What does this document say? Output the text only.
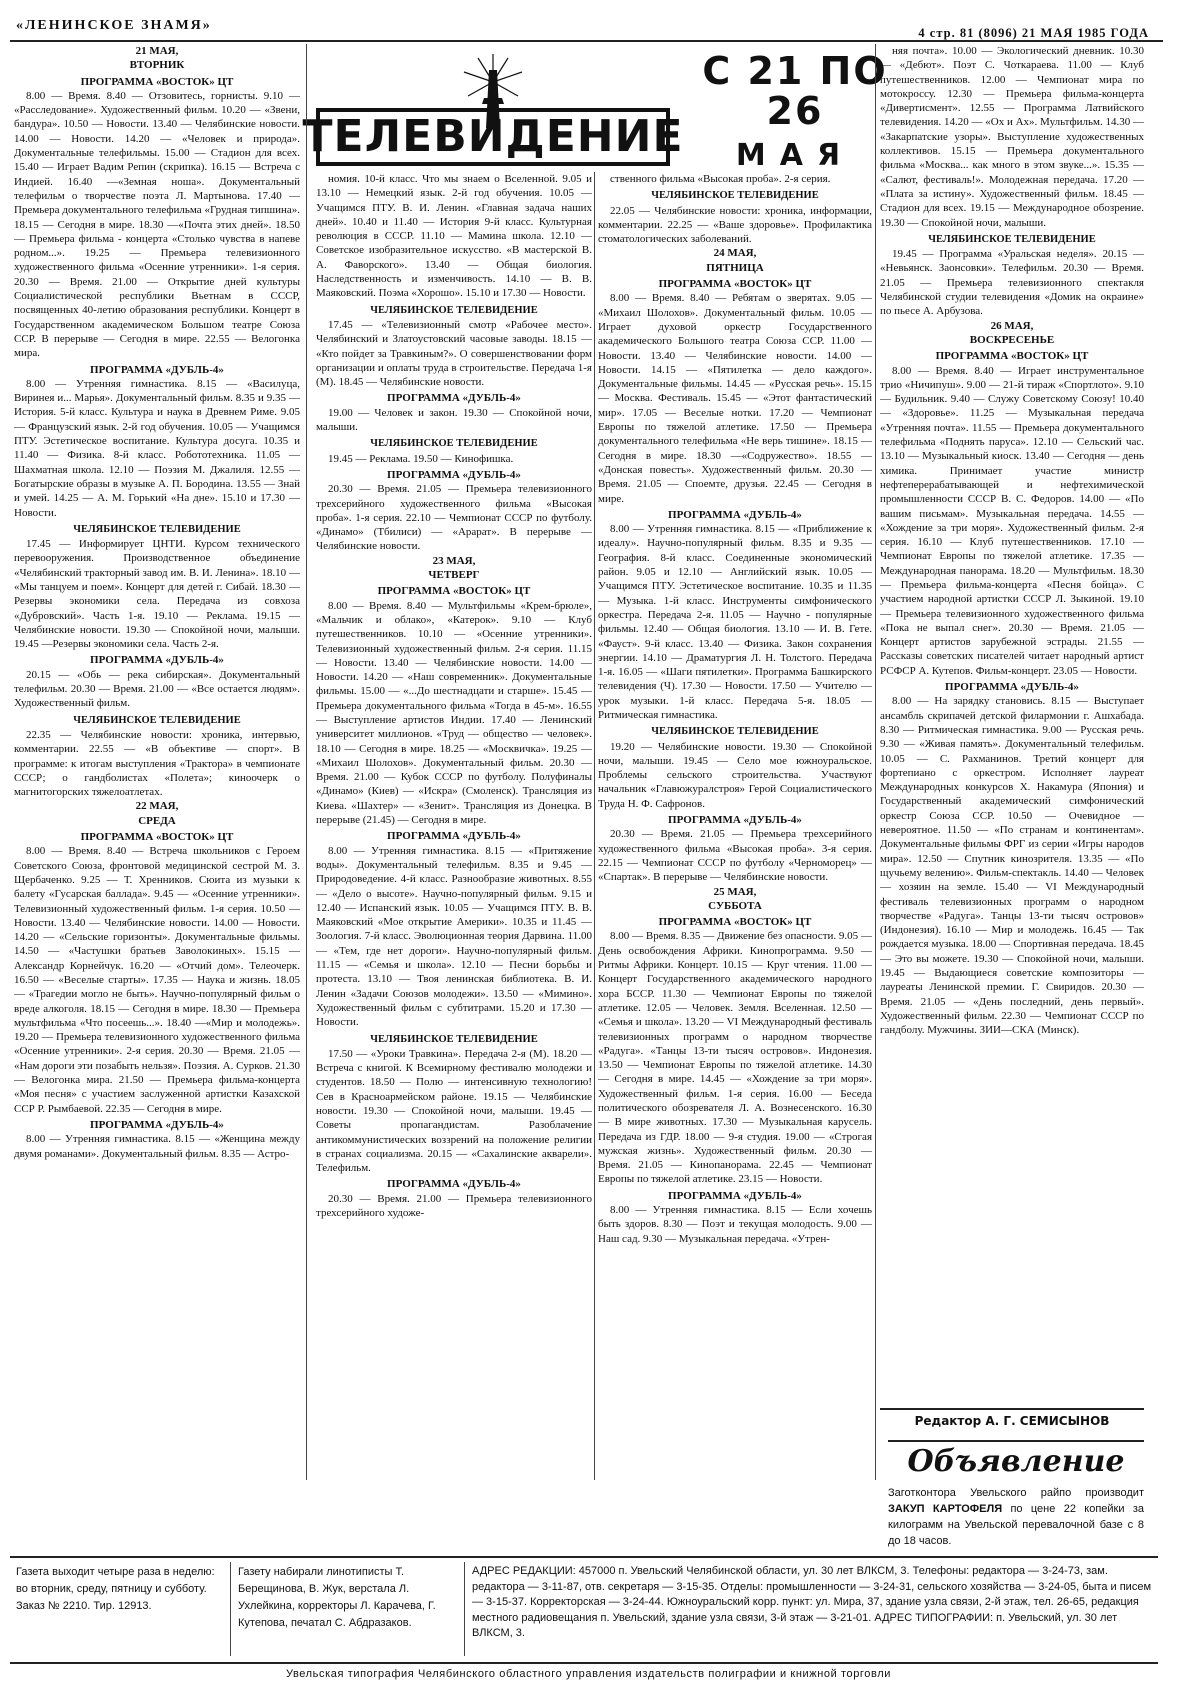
«ЛЕНИНСКОЕ ЗНАМЯ»	4 стр. 81 (8096) 21 МАЯ 1985 ГОДА
ТЕЛЕВИДЕНИЕ
С 21 ПО 26
МАЯ

21 МАЯ,

ВТОРНИК

ПРОГРАММА «ВОСТОК» ЦТ

8.00 — Время. 8.40 — Отзовитесь, горнисты. 9.10 — «Расследование». Художественный фильм. 10.20 — «Звени, бандура». 10.50 — Новости. 13.40 — Челябинские новости. 14.00 — Новости. 14.20 — «Человек и природа». Документальные телефильмы. 15.00 — Стадион для всех. 15.40 — Играет Вадим Репин (скрипка). 16.15 — Встреча с Индией. 16.40 —«Земная ноша». Документальный телефильм о творчестве поэта Л. Мартынова. 17.40 — Премьера документального телефильма «Грудная типшина». 18.15 — Сегодня в мире. 18.30 —«Почта этих дней». 18.50 — Премьера фильма - концерта «Столько чувства в напеве родном...». 19.25 — Премьера телевизионного художественного фильма «Осенние утренники». 1-я серия. 20.30 — Время. 21.00 — Открытие дней культуры Социалистической республики Вьетнам в СССР, посвященных 40-летию образования республики. Концерт в Государственном академическом Большом театре Союза ССР. В перерыве — Сегодня в мире. 22.55 — Велогонка мира.

ПРОГРАММА «ДУБЛЬ-4»

8.00 — Утренняя гимнастика. 8.15 — «Василуца, Виринея и... Марья». Документальный фильм. 8.35 и 9.35 — История. 5-й класс. Культура и наука в Древнем Риме. 9.05 — Французский язык. 2-й год обучения. 10.05 — Учащимся ПТУ. Эстетическое воспитание. Культура досуга. 10.35 и 11.40 — Физика. 8-й класс. Робототехника. 11.05 — Шахматная школа. 12.10 — Поэзия М. Джалиля. 12.55 — Богатырские образы в музыке А. П. Бородина. 13.55 — Знай и умей. 14.25 — А. М. Горький «На дне». 15.10 и 17.30 — Новости.

ЧЕЛЯБИНСКОЕ ТЕЛЕВИДЕНИЕ

17.45 — Информирует ЦНТИ. Курсом технического перевооружения. Производственное объединение «Челябинский тракторный завод им. В. И. Ленина». 18.10 — «Мы танцуем и поем». Концерт для детей г. Сибай. 18.30 — Резервы экономики села. Передача из совхоза «Дубровский». Часть 1-я. 19.10 — Реклама. 19.15 — Челябинские новости. 19.30 — Спокойной ночи, малыши. 19.45 —Резервы экономики села. Часть 2-я.

ПРОГРАММА «ДУБЛЬ-4»

20.15 — «Обь — река сибирская». Документальный телефильм. 20.30 — Время. 21.00 — «Все остается людям». Художественный фильм.

ЧЕЛЯБИНСКОЕ ТЕЛЕВИДЕНИЕ

22.35 — Челябинские новости: хроника, интервью, комментарии. 22.55 — «В объективе — спорт». В программе: к итогам выступления «Трактора» в чемпионате СССР; о гандболистах «Полета»; киноочерк о магнитогорских тяжелоатлетах.

22 МАЯ,

СРЕДА

ПРОГРАММА «ВОСТОК» ЦТ

8.00 — Время. 8.40 — Встреча школьников с Героем Советского Союза, фронтовой медицинской сестрой М. З. Щербаченко. 9.25 — Т. Хренников. Сюита из музыки к балету «Гусарская баллада». 9.45 — «Осенние утренники». Телевизионный художественный фильм. 1-я серия. 10.50 — Новости. 13.40 — Челябинские новости. 14.00 — Новости. 14.20 — «Сельские горизонты». Документальные фильмы. 14.50 — «Частушки братьев Заволокиных». 15.15 — Александр Корнейчук. 16.20 — «Отчий дом». Телеочерк. 16.50 — «Веселые старты». 17.35 — Наука и жизнь. 18.05 — «Трагедии могло не быть». Научно-популярный фильм о вреде алкоголя. 18.15 — Сегодня в мире. 18.30 — Премьера мультфильма «Что посеешь...». 18.40 —«Мир и молодежь». 19.20 — Премьера телевизионного художественного фильма «Осенние утренники». 2-я серия. 20.30 — Время. 21.05 — «Нам дороги эти позабыть нельзя». Поэзия. А. Сурков. 21.30 — Велогонка мира. 21.50 — Премьера фильма-концерта «Моя песня» с участием заслуженной артистки Казахской ССР Р. Рымбаевой. 22.35 — Сегодня в мире.

ПРОГРАММА «ДУБЛЬ-4»

8.00 — Утренняя гимнастика. 8.15 — «Женщина между двумя романами». Документальный фильм. 8.35 — Астро-

номия. 10-й класс. Что мы знаем о Вселенной. 9.05 и 13.10 — Немецкий язык. 2-й год обучения. 10.05 — Учащимся ПТУ. В. И. Ленин. «Главная задача наших дней». 10.40 и 11.40 — История 9-й класс. Культурная революция в СССР. 11.10 — Мамина школа. 12.10 — Советское изобразительное искусство. «В мастерской В. А. Фаворского». 13.40 — Общая биология. Наследственность и изменчивость. 14.10 — В. В. Маяковский. Поэма «Хорошо». 15.10 и 17.30 — Новости.

ЧЕЛЯБИНСКОЕ ТЕЛЕВИДЕНИЕ

17.45 — «Телевизионный смотр «Рабочее место». Челябинский и Златоустовский часовые заводы. 18.15 — «Кто пойдет за Травкиным?». О совершенствовании форм организации и оплаты труда в строительстве. Передача 1-я (М). 18.45 — Челябинские новости.

ПРОГРАММА «ДУБЛЬ-4»

19.00 — Человек и закон. 19.30 — Спокойной ночи, малыши.

ЧЕЛЯБИНСКОЕ ТЕЛЕВИДЕНИЕ

19.45 — Реклама. 19.50 — Кинофишка.

ПРОГРАММА «ДУБЛЬ-4»

20.30 — Время. 21.05 — Премьера телевизионного трехсерийного художественного фильма «Высокая проба». 1-я серия. 22.10 — Чемпионат СССР по футболу. «Динамо» (Тбилиси) — «Арарат». В перерыве — Челябинские новости.

23 МАЯ,

ЧЕТВЕРГ

ПРОГРАММА «ВОСТОК» ЦТ

8.00 — Время. 8.40 — Мультфильмы «Крем-брюле», «Мальчик и облако», «Катерок». 9.10 — Клуб путешественников. 10.10 — «Осенние утренники». Телевизионный художественный фильм. 2-я серия. 11.15 — Новости. 13.40 — Челябинские новости. 14.00 — Новости. 14.20 — «Наш современник». Документальные фильмы. 15.00 — «...До шестнадцати и старше». 15.45 — Премьера документального фильма «Тогда в 45-м». 16.55 — Выступление артистов Индии. 17.40 — Ленинский университет миллионов. «Труд — общество — человек». 18.10 — Сегодня в мире. 18.25 — «Москвичка». 19.25 — «Михаил Шолохов». Документальный фильм. 20.30 — Время. 21.00 — Кубок СССР по футболу. Полуфиналы «Динамо» (Киев) — «Искра» (Смоленск). Трансляция из Киева. «Шахтер» — «Зенит». Трансляция из Донецка. В перерыве (21.45) — Сегодня в мире.

ПРОГРАММА «ДУБЛЬ-4»

8.00 — Утренняя гимнастика. 8.15 — «Притяжение воды». Документальный телефильм. 8.35 и 9.45 — Природоведение. 4-й класс. Разнообразие животных. 8.55 — «Дело о высоте». Научно-популярный фильм. 9.15 и 12.40 — Испанский язык. 10.05 — Учащимся ПТУ. В. В. Маяковский «Мое открытие Америки». 10.35 и 11.45 — Зоология. 7-й класс. Эволюционная теория Дарвина. 11.00 — «Тем, где нет дороги». Научно-популярный фильм. 11.15 — «Семья и школа». 12.10 — Песни борьбы и протеста. 13.10 — Твоя ленинская библиотека. В. И. Ленин «Задачи Союзов молодежи». 13.50 — «Мимино». Художественный фильм с субтитрами. 15.20 и 17.30 — Новости.

ЧЕЛЯБИНСКОЕ ТЕЛЕВИДЕНИЕ

17.50 — «Уроки Травкина». Передача 2-я (М). 18.20 — Встреча с книгой. К Всемирному фестивалю молодежи и студентов. 18.50 — Полю — интенсивную технологию! Сев в Красноармейском районе. 19.15 — Челябинские новости. 19.30 — Спокойной ночи, малыши. 19.45 — Советы пропагандистам. Разоблачение антикоммунистических воззрений на положение религии в странах социализма. 20.15 — «Сахалинские акварели». Телефильм.

ПРОГРАММА «ДУБЛЬ-4»

20.30 — Время. 21.00 — Премьера телевизионного трехсерийного художе-

ственного фильма «Высокая проба». 2-я серия.

ЧЕЛЯБИНСКОЕ ТЕЛЕВИДЕНИЕ

22.05 — Челябинские новости: хроника, информации, комментарии. 22.25 — «Ваше здоровье». Профилактика стоматологических заболеваний.

24 МАЯ,

ПЯТНИЦА

ПРОГРАММА «ВОСТОК» ЦТ

8.00 — Время. 8.40 — Ребятам о зверятах. 9.05 — «Михаил Шолохов». Документальный фильм. 10.05 — Играет духовой оркестр Государственного академического Большого театра Союза ССР. 11.00 — Новости. 13.40 — Челябинские новости. 14.00 — Новости. 14.15 — «Пятилетка — дело каждого». Документальные фильмы. 14.45 — «Русская речь». 15.15 — Москва. Фестиваль. 15.45 — «Этот фантастический мир». 17.05 — Веселые нотки. 17.20 — Чемпионат Европы по тяжелой атлетике. 17.50 — Премьера документального телефильма «Не верь тишине». 18.15 — Сегодня в мире. 18.30 —«Содружество». 18.55 — «Донская повесть». Художественный фильм. 20.30 — Время. 21.05 — Споемте, друзья. 22.45 — Сегодня в мире.

ПРОГРАММА «ДУБЛЬ-4»

8.00 — Утренняя гимнастика. 8.15 — «Приближение к идеалу». Научно-популярный фильм. 8.35 и 9.35 — География. 8-й класс. Соединенные экономический район. 9.05 и 12.10 — Английский язык. 10.05 — Учащимся ПТУ. Эстетическое воспитание. 10.35 и 11.35 — Музыка. 1-й класс. Инструменты симфонического оркестра. Передача 2-я. 11.05 — Научно - популярные фильмы. 12.40 — Общая биология. 13.10 — И. В. Гете. «Фауст». 9-й класс. 13.40 — Физика. Закон сохранения энергии. 14.10 — Драматургия Л. Н. Толстого. Передача 1-я. 16.05 — «Шаги пятилетки». Программа Башкирского телевидения (Ч). 17.30 — Новости. 17.50 — Учителю — урок музыки. 1-й класс. Передача 5-я. 18.05 — Ритмическая гимнастика.

ЧЕЛЯБИНСКОЕ ТЕЛЕВИДЕНИЕ

19.20 — Челябинские новости. 19.30 — Спокойной ночи, малыши. 19.45 — Село мое южноуральское. Проблемы сельского строительства. Участвуют начальник «Главюжуралстроя» Герой Социалистического Труда Н. Ф. Сафронов.

ПРОГРАММА «ДУБЛЬ-4»

20.30 — Время. 21.05 — Премьера трехсерийного художественного фильма «Высокая проба». 3-я серия. 22.15 — Чемпионат СССР по футболу «Черноморец» — «Спартак». В перерыве — Челябинские новости.

25 МАЯ,

СУББОТА

ПРОГРАММА «ВОСТОК» ЦТ

8.00 — Время. 8.35 — Движение без опасности. 9.05 — День освобождения Африки. Кинопрограмма. 9.50 — Ритмы Африки. Концерт. 10.15 — Круг чтения. 11.00 — Концерт Государственного академического народного хора БССР. 11.30 — Чемпионат Европы по тяжелой атлетике. 12.05 — Человек. Земля. Вселенная. 12.50 — «Семья и школа». 13.20 — VI Международный фестиваль телевизионных программ о народном творчестве «Радуга». «Танцы 13-ти тысяч островов». Индонезия. 13.50 — Чемпионат Европы по тяжелой атлетике. 14.30 — Сегодня в мире. 14.45 — «Хождение за три моря». Художественный фильм. 1-я серия. 16.00 — Беседа политического обозревателя Л. А. Вознесенского. 16.30 — В мире животных. 17.30 — Музыкальная карусель. Передача из ГДР. 18.00 — 9-я студия. 19.00 — «Строгая мужская жизнь». Художественный фильм. 20.30 — Время. 21.05 — Кинопанорама. 22.45 — Чемпионат Европы по тяжелой атлетике. 23.15 — Новости.

ПРОГРАММА «ДУБЛЬ-4»

8.00 — Утренняя гимнастика. 8.15 — Если хочешь быть здоров. 8.30 — Поэт и текущая молодость. 9.00 — Наш сад. 9.30 — Музыкальная передача. «Утрен-

няя почта». 10.00 — Экологический дневник. 10.30 — «Дебют». Поэт С. Чоткараева. 11.00 — Клуб путешественников. 12.00 — Чемпионат мира по мотокроссу. 12.30 — Премьера фильма-концерта «Дивертисмент». 12.55 — Программа Латвийского телевидения. 14.20 — «Ох и Ах». Мультфильм. 14.30 — «Закарпатские узоры». Выступление художественных коллективов. 15.15 — Премьера документального фильма «Москва... как много в этом звуке...». 15.35 — «Салют, фестиваль!». Молодежная передача. 17.20 — «Плата за истину». Художественный фильм. 18.45 — Стадион для всех. 19.15 — Международное обозрение. 19.30 — Спокойной ночи, малыши.

ЧЕЛЯБИНСКОЕ ТЕЛЕВИДЕНИЕ

19.45 — Программа «Уральская неделя». 20.15 — «Невьянск. Заонсовки». Телефильм. 20.30 — Время. 21.05 — Премьера телевизионного спектакля Челябинской студии телевидения «Домик на окраине» по пьесе А. Арбузова.

26 МАЯ,

ВОСКРЕСЕНЬЕ

ПРОГРАММА «ВОСТОК» ЦТ

8.00 — Время. 8.40 — Играет инструментальное трио «Ничипуш». 9.00 — 21-й тираж «Спортлото». 9.10 — Будильник. 9.40 — Служу Советскому Союзу! 10.40 — «Здоровье». 11.25 — Музыкальная передача «Утренняя почта». 11.55 — Премьера документального телефильма «Поднять паруса». 12.10 — Сельский час. 13.10 — Музыкальный киоск. 13.40 — Сегодня — день химика. Принимает участие министр нефтеперерабатывающей и нефтехимической промышленности СССР В. С. Федоров. 14.00 — «По вашим письмам». Музыкальная передача. 14.55 — «Хождение за три моря». Художественный фильм. 2-я серия. 16.10 — Клуб путешественников. 17.10 — Чемпионат Европы по тяжелой атлетике. 17.35 — Международная панорама. 18.20 — Мультфильм. 18.30 — Премьера фильма-концерта «Песня бойца». С участием народной артистки СССР Л. Зыкиной. 19.10 — Премьера телевизионного художественного фильма «Пока не выпал снег». 20.30 — Время. 21.05 — Концерт артистов зарубежной эстрады. 21.55 — Рассказы советских писателей читает народный артист РСФСР А. Кутепов. Фильм-концерт. 23.05 — Новости.

ПРОГРАММА «ДУБЛЬ-4»

8.00 — На зарядку становись. 8.15 — Выступает ансамбль скрипачей детской филармонии г. Ашхабада. 8.30 — Ритмическая гимнастика. 9.00 — Русская речь. 9.30 — «Живая память». Документальный телефильм. 10.05 — С. Рахманинов. Третий концерт для фортепиано с оркестром. Исполняет лауреат Международных конкурсов Х. Накамура (Япония) и Государственный академический симфонический оркестр Союза ССР. 10.50 — Очевидное — невероятное. 11.50 — «По странам и континентам». Документальные фильмы ФРГ из серии «Игры народов мира». 12.50 — Спутник кинозрителя. 13.35 — «По щучьему велению». Фильм-спектакль. 14.40 — Человек — хозяин на земле. 15.40 — VI Международный фестиваль телевизионных программ о народном творчестве «Радуга». Танцы 13-ти тысяч островов» (Индонезия). 16.10 — Мир и молодежь. 16.45 — Так рождается музыка. 18.00 — Спортивная передача. 18.45 — Это вы можете. 19.30 — Спокойной ночи, малыши. 19.45 — Выдающиеся советские композиторы — лауреаты Ленинской премии. Г. Свиридов. 20.30 — Время. 21.05 — «День последний, день первый». Художественный фильм. 22.30 — Чемпионат СССР по гандболу. Мужчины. ЗИИ—СКА (Минск).

Редактор А. Г. СЕМИСЫНОВ
Объявление
Заготконтора Увельского райпо производит ЗАКУП КАРТОФЕЛЯ по цене 22 копейки за килограмм на Увельской перевалочной базе с 8 до 18 часов.
Газета выходит четыре раза в неделю: во вторник, среду, пятницу и субботу.
Заказ № 2210. Тир. 12913.
Газету набирали линотиписты Т. Берещинова, В. Жук, верстала Л. Ухлейкина, корректоры Л. Карачева, Г. Кутепова, печатал С. Абдразаков.
АДРЕС РЕДАКЦИИ: 457000 п. Увельский Челябинской области, ул. 30 лет ВЛКСМ, 3. Телефоны: редактора — 3-24-73, зам. редактора — 3-11-87, отв. секретаря — 3-15-35. Отделы: промышленности — 3-24-31, сельского хозяйства — 3-24-05, быта и писем — 3-15-37. Корректорская — 3-24-44. Южноуральский корр. пункт: ул. Мира, 37, здание узла связи, 2-й этаж, тел. 26-65, редакция местного радиовещания п. Увельский, здание узла связи, 3-й этаж — 3-21-01. АДРЕС ТИПОГРАФИИ: п. Увельский, ул. 30 лет ВЛКСМ, 3.
Увельская типография Челябинского областного управления издательств полиграфии и книжной торговли
